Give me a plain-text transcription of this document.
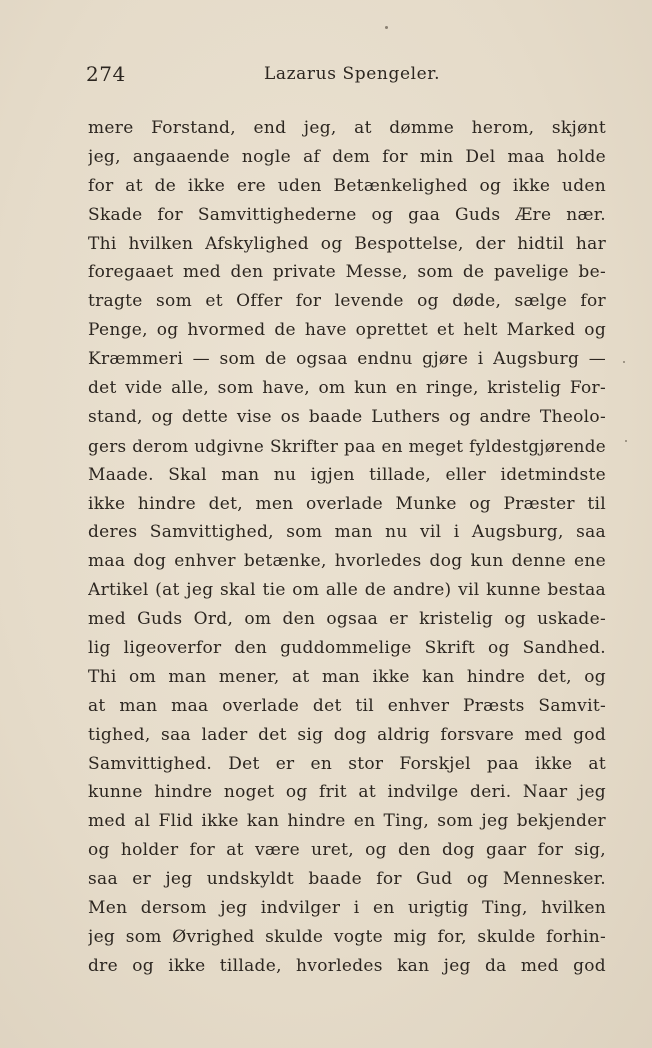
274	Lazarus Spengeler.
mere Forstand, end jeg, at dømme herom, skjønt
jeg, angaaende nogle af dem for min Del maa holde
for at de ikke ere uden Betænkelighed og ikke uden
Skade for Samvittighederne og gaa Guds Ære nær.
Thi hvilken Afskylighed og Bespottelse, der hidtil har
foregaaet med den private Messe, som de pavelige be-
tragte som et Offer for levende og døde, sælge for
Penge, og hvormed de have oprettet et helt Marked og
Kræmmeri — som de ogsaa endnu gjøre i Augsburg —
det vide alle, som have, om kun en ringe, kristelig For-
stand, og dette vise os baade Luthers og andre Theolo-
gers derom udgivne Skrifter paa en meget fyldestgjørende
Maade. Skal man nu igjen tillade, eller idetmindste
ikke hindre det, men overlade Munke og Præster til
deres Samvittighed, som man nu vil i Augsburg, saa
maa dog enhver betænke, hvorledes dog kun denne ene
Artikel (at jeg skal tie om alle de andre) vil kunne bestaa
med Guds Ord, om den ogsaa er kristelig og uskade-
lig ligeoverfor den guddommelige Skrift og Sandhed.
Thi om man mener, at man ikke kan hindre det, og
at man maa overlade det til enhver Præsts Samvit-
tighed, saa lader det sig dog aldrig forsvare med god
Samvittighed. Det er en stor Forskjel paa ikke at
kunne hindre noget og frit at indvilge deri. Naar jeg
med al Flid ikke kan hindre en Ting, som jeg bekjender
og holder for at være uret, og den dog gaar for sig,
saa er jeg undskyldt baade for Gud og Mennesker.
Men dersom jeg indvilger i en urigtig Ting, hvilken
jeg som Øvrighed skulde vogte mig for, skulde forhin-
dre og ikke tillade, hvorledes kan jeg da med god
